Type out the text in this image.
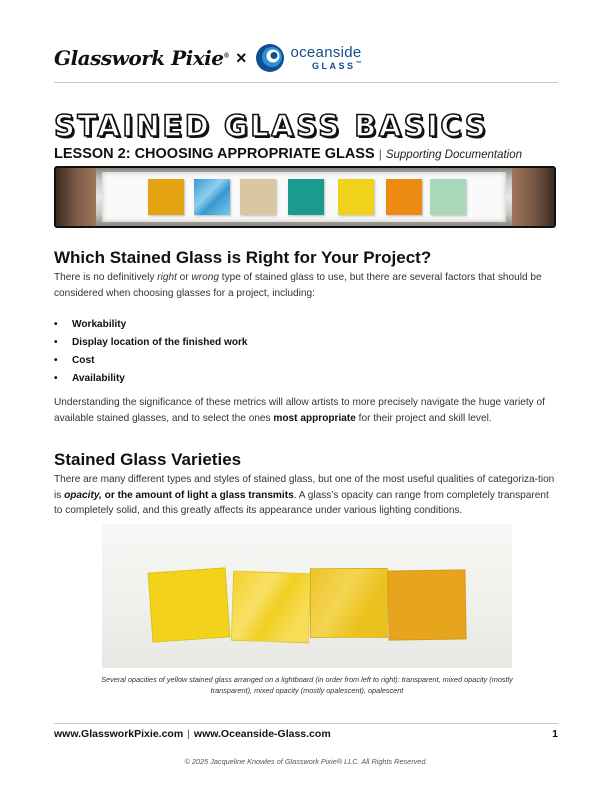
Glasswork Pixie® ×	oceanside
GLASS™
STAINED GLASS BASICS
LESSON 2: CHOOSING APPROPRIATE GLASS | Supporting Documentation
Which Stained Glass is Right for Your Project?

There is no definitively right or wrong type of stained glass to use, but there are several factors that should be considered when choosing glasses for a project, including:

• Workability
• Display location of the finished work
• Cost
• Availability

Understanding the significance of these metrics will allow artists to more precisely navigate the huge variety of available stained glasses, and to select the ones most appropriate for their project and skill level.

Stained Glass Varieties

There are many different types and styles of stained glass, but one of the most useful qualities of categoriza-tion is opacity, or the amount of light a glass transmits. A glass’s opacity can range from completely transparent to completely solid, and this greatly affects its appearance under various lighting conditions.

Several opacities of yellow stained glass arranged on a lightboard (in order from left to right): transparent, mixed opacity (mostly transparent), mixed opacity (mostly opalescent), opalescent
www.GlassworkPixie.com | www.Oceanside-Glass.com	1
© 2025 Jacqueline Knowles of Glasswork Pixie® LLC. All Rights Reserved.
